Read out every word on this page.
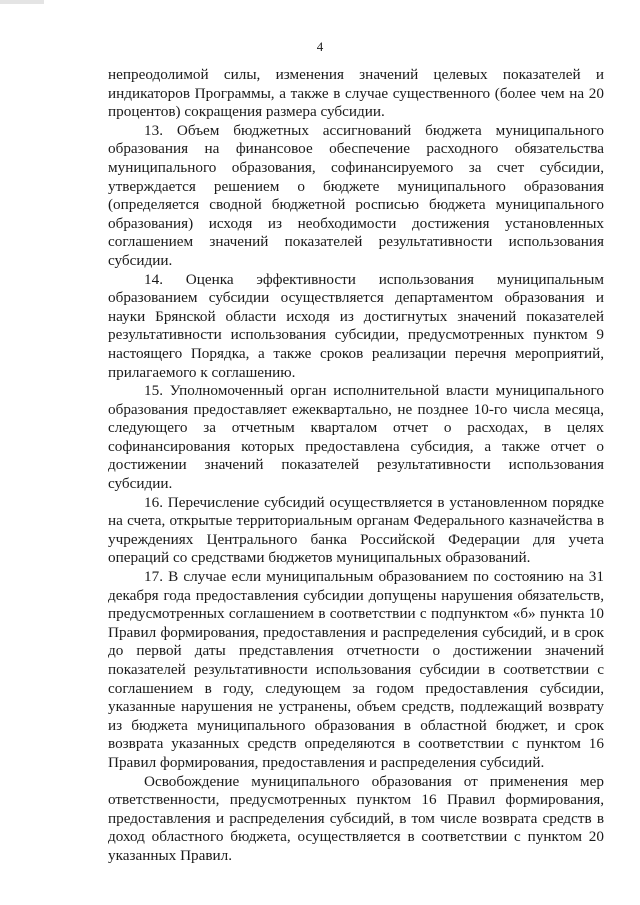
4

непреодолимой силы, изменения значений целевых показателей и индикаторов Программы, а также в случае существенного (более чем на 20 процентов) сокращения размера субсидии.

13. Объем бюджетных ассигнований бюджета муниципального образования на финансовое обеспечение расходного обязательства муниципального образования, софинансируемого за счет субсидии, утверждается решением о бюджете муниципального образования (определяется сводной бюджетной росписью бюджета муниципального образования) исходя из необходимости достижения установленных соглашением значений показателей результативности использования субсидии.

14. Оценка эффективности использования муниципальным образованием субсидии осуществляется департаментом образования и науки Брянской области исходя из достигнутых значений показателей результативности использования субсидии, предусмотренных пунктом 9 настоящего Порядка, а также сроков реализации перечня мероприятий, прилагаемого к соглашению.

15. Уполномоченный орган исполнительной власти муниципального образования предоставляет ежеквартально, не позднее 10-го числа месяца, следующего за отчетным кварталом отчет о расходах, в целях софинансирования которых предоставлена субсидия, а также отчет о достижении значений показателей результативности использования субсидии.

16. Перечисление субсидий осуществляется в установленном порядке на счета, открытые территориальным органам Федерального казначейства в учреждениях Центрального банка Российской Федерации для учета операций со средствами бюджетов муниципальных образований.

17. В случае если муниципальным образованием по состоянию на 31 декабря года предоставления субсидии допущены нарушения обязательств, предусмотренных соглашением в соответствии с подпунктом «б» пункта 10 Правил формирования, предоставления и распределения субсидий, и в срок до первой даты представления отчетности о достижении значений показателей результативности использования субсидии в соответствии с соглашением в году, следующем за годом предоставления субсидии, указанные нарушения не устранены, объем средств, подлежащий возврату из бюджета муниципального образования в областной бюджет, и срок возврата указанных средств определяются в соответствии с пунктом 16 Правил формирования, предоставления и распределения субсидий.

Освобождение муниципального образования от применения мер ответственности, предусмотренных пунктом 16 Правил формирования, предоставления и распределения субсидий, в том числе возврата средств в доход областного бюджета, осуществляется в соответствии с пунктом 20 указанных Правил.
